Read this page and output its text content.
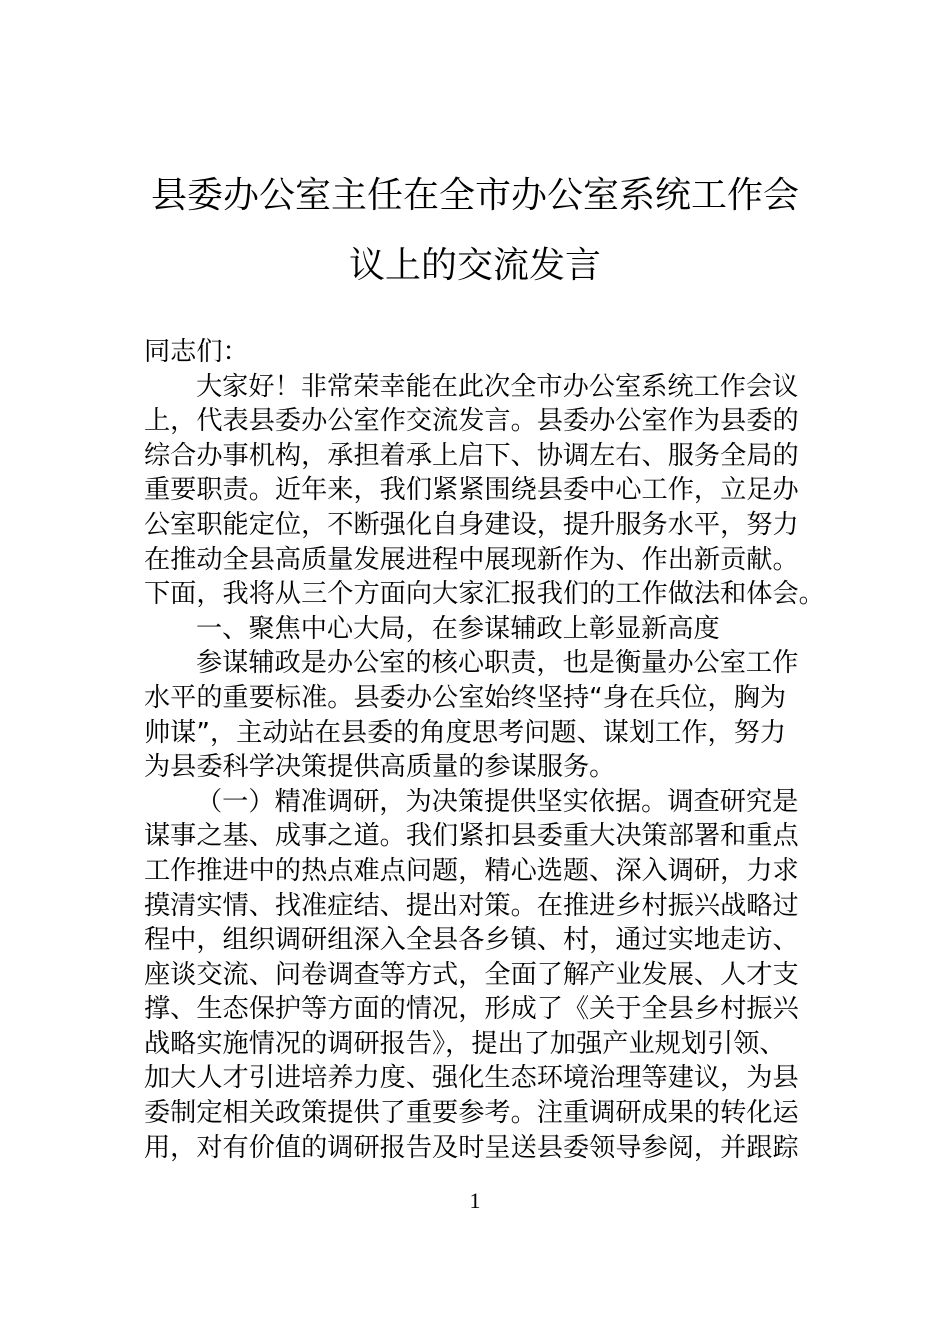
县委办公室主任在全市办公室系统工作会
议上的交流发言
同志们：
大家好！非常荣幸能在此次全市办公室系统工作会议
上，代表县委办公室作交流发言。县委办公室作为县委的
综合办事机构，承担着承上启下、协调左右、服务全局的
重要职责。近年来，我们紧紧围绕县委中心工作，立足办
公室职能定位，不断强化自身建设，提升服务水平，努力
在推动全县高质量发展进程中展现新作为、作出新贡献。
下面，我将从三个方面向大家汇报我们的工作做法和体会。
一、聚焦中心大局，在参谋辅政上彰显新高度
参谋辅政是办公室的核心职责，也是衡量办公室工作
水平的重要标准。县委办公室始终坚持“身在兵位，胸为
帅谋”，主动站在县委的角度思考问题、谋划工作，努力
为县委科学决策提供高质量的参谋服务。
（一）精准调研，为决策提供坚实依据。调查研究是
谋事之基、成事之道。我们紧扣县委重大决策部署和重点
工作推进中的热点难点问题，精心选题、深入调研，力求
摸清实情、找准症结、提出对策。在推进乡村振兴战略过
程中，组织调研组深入全县各乡镇、村，通过实地走访、
座谈交流、问卷调查等方式，全面了解产业发展、人才支
撑、生态保护等方面的情况，形成了《关于全县乡村振兴
战略实施情况的调研报告》，提出了加强产业规划引领、
加大人才引进培养力度、强化生态环境治理等建议，为县
委制定相关政策提供了重要参考。注重调研成果的转化运
用，对有价值的调研报告及时呈送县委领导参阅，并跟踪
1
